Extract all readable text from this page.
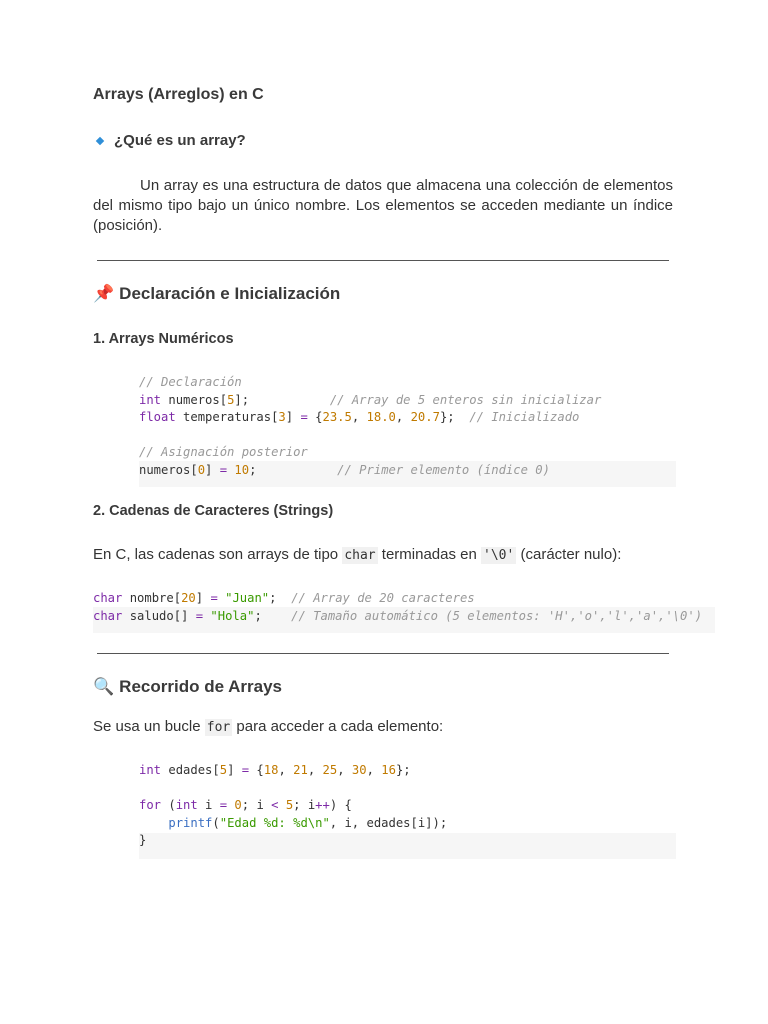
Arrays (Arreglos) en C
¿Qué es un array?
Un array es una estructura de datos que almacena una colección de elementos del mismo tipo bajo un único nombre. Los elementos se acceden mediante un índice (posición).
📌 Declaración e Inicialización
1. Arrays Numéricos
// Declaración
int numeros[5];	// Array de 5 enteros sin inicializar
float temperaturas[3] = {23.5, 18.0, 20.7}; // Inicializado

// Asignación posterior
numeros[0] = 10;	// Primer elemento (índice 0)
2. Cadenas de Caracteres (Strings)
En C, las cadenas son arrays de tipo char terminadas en '\0' (carácter nulo):
char nombre[20] = "Juan"; // Array de 20 caracteres
char saludo[] = "Hola"; // Tamaño automático (5 elementos: 'H','o','l','a','\0')
🔍 Recorrido de Arrays
Se usa un bucle for para acceder a cada elemento:
int edades[5] = {18, 21, 25, 30, 16};

for (int i = 0; i < 5; i++) {
printf("Edad %d: %d\n", i, edades[i]);
}
